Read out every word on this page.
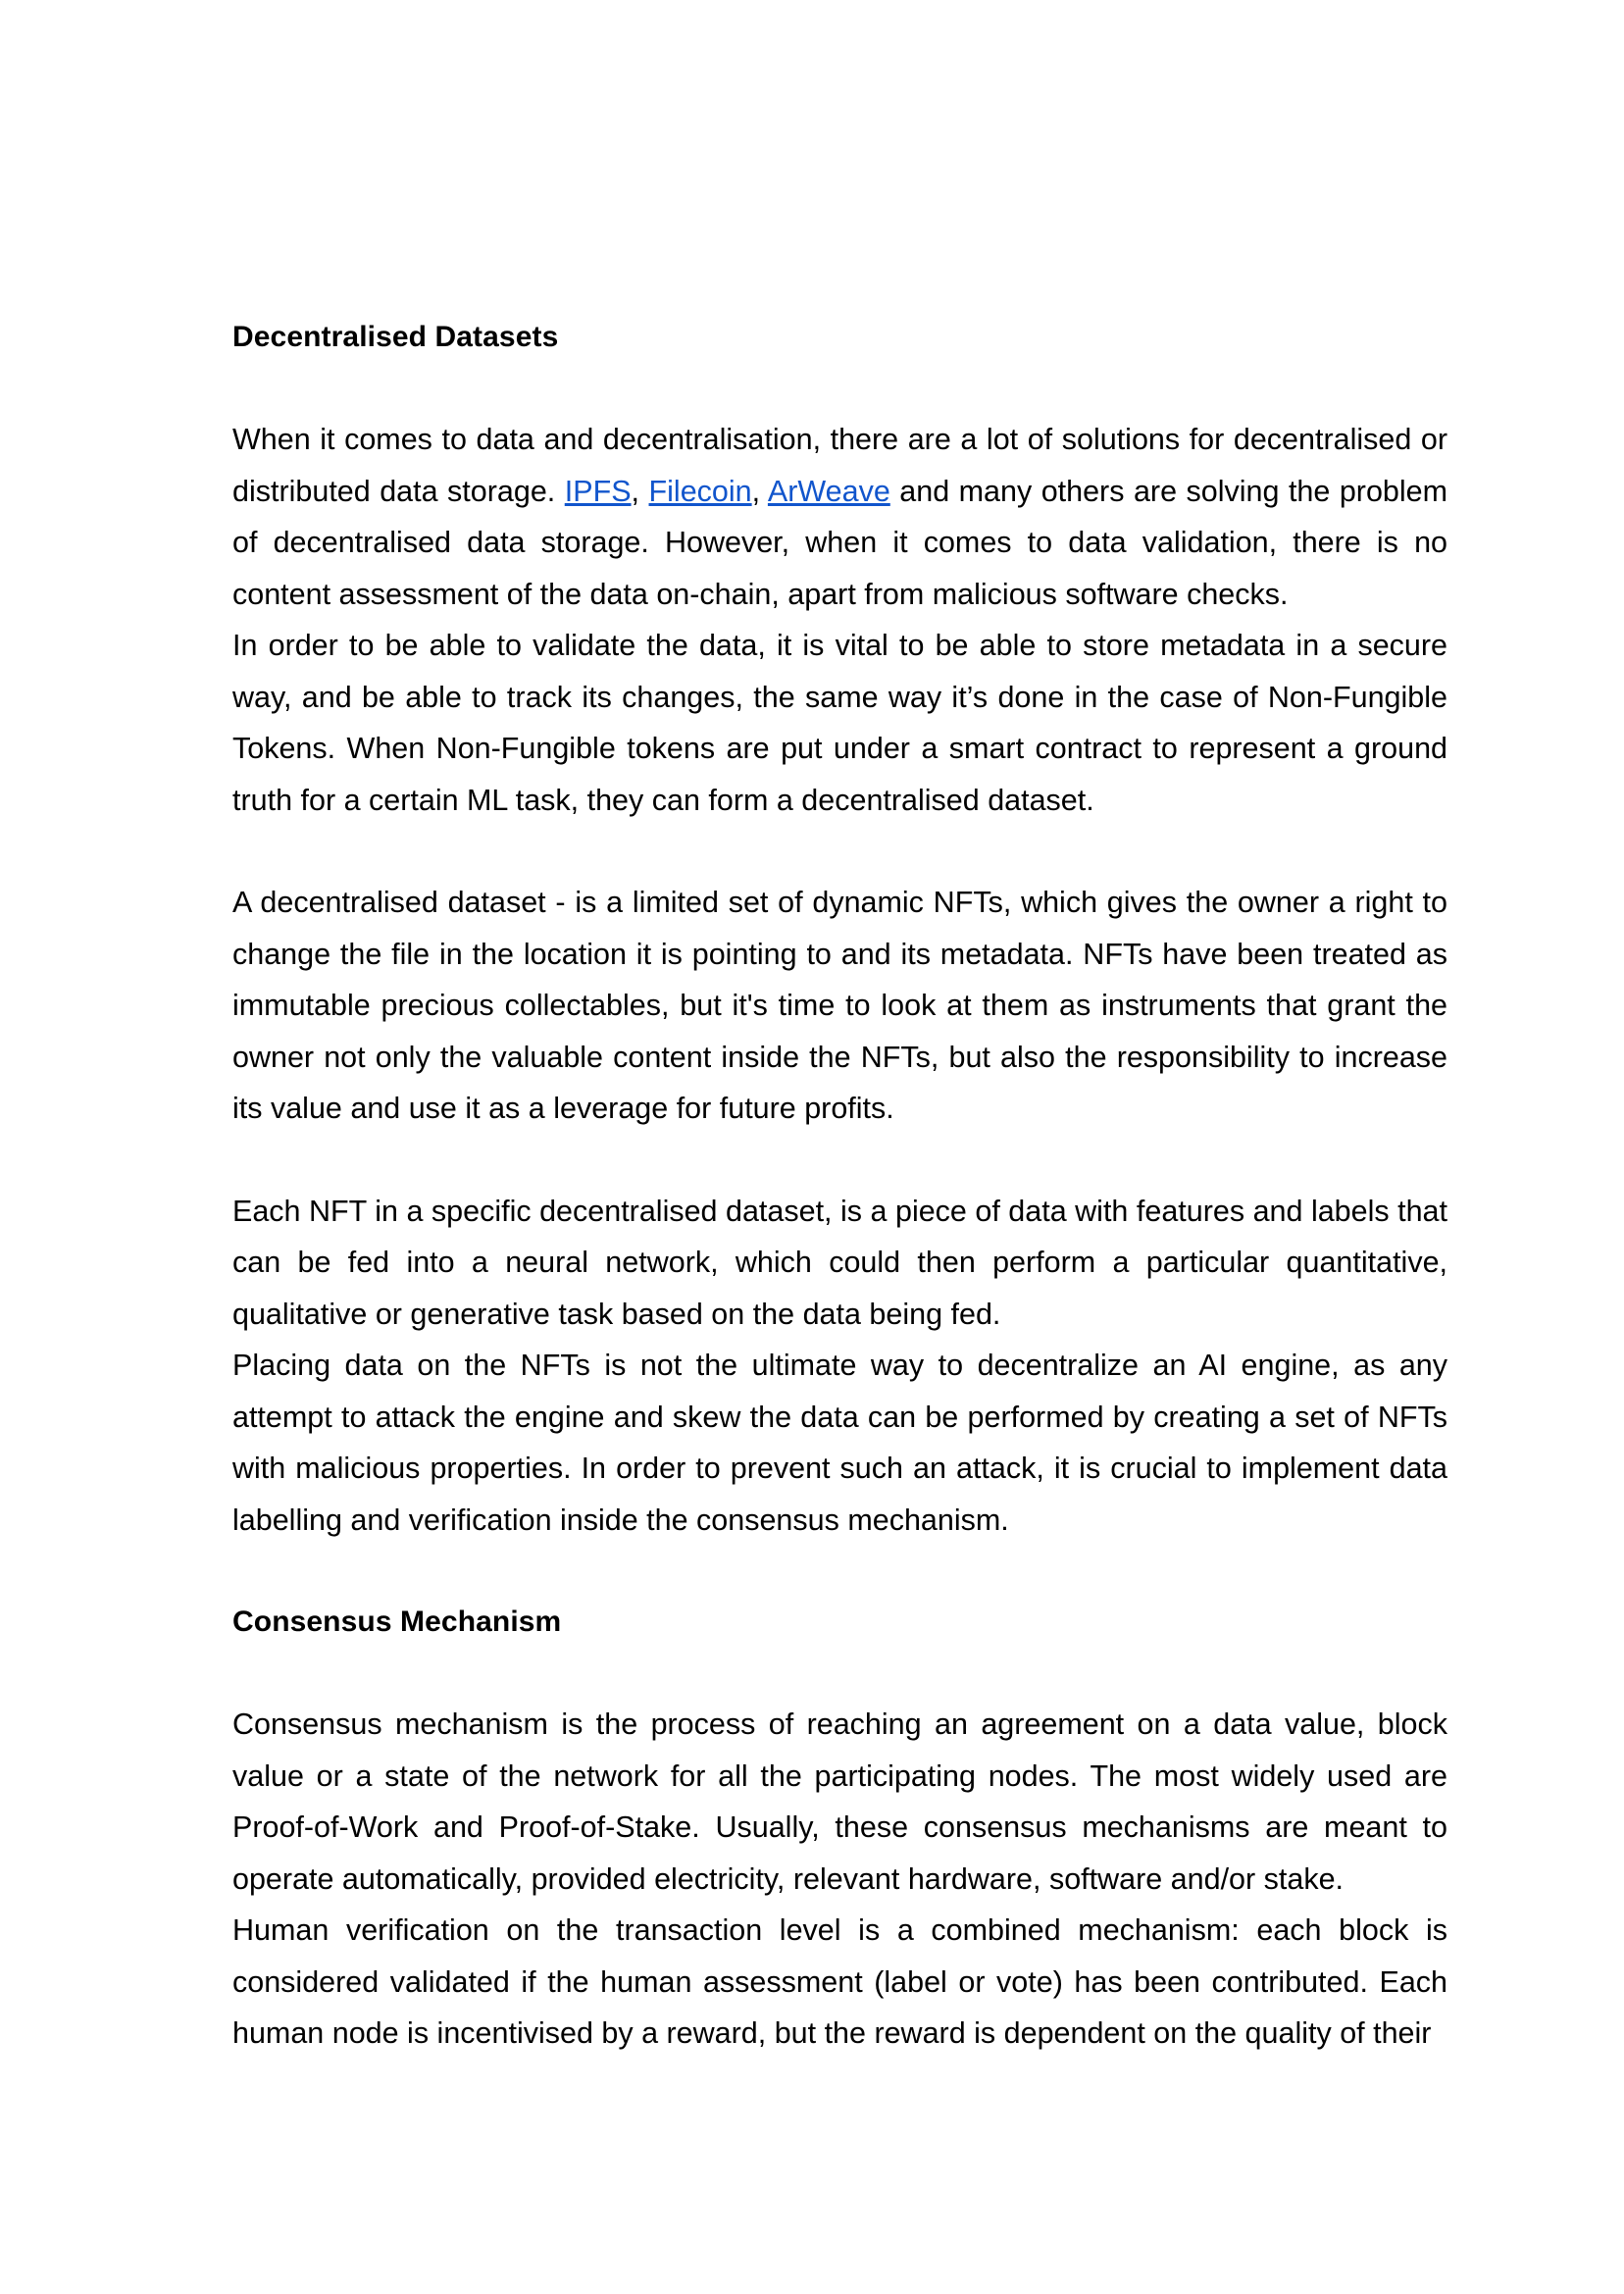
Decentralised Datasets

When it comes to data and decentralisation, there are a lot of solutions for decentralised or distributed data storage. IPFS, Filecoin, ArWeave and many others are solving the problem of decentralised data storage. However, when it comes to data validation, there is no content assessment of the data on-chain, apart from malicious software checks.

In order to be able to validate the data, it is vital to be able to store metadata in a secure way, and be able to track its changes, the same way it’s done in the case of Non-Fungible Tokens. When Non-Fungible tokens are put under a smart contract to represent a ground truth for a certain ML task, they can form a decentralised dataset.

A decentralised dataset - is a limited set of dynamic NFTs, which gives the owner a right to change the file in the location it is pointing to and its metadata. NFTs have been treated as immutable precious collectables, but it's time to look at them as instruments that grant the owner not only the valuable content inside the NFTs, but also the responsibility to increase its value and use it as a leverage for future profits.

Each NFT in a specific decentralised dataset, is a piece of data with features and labels that can be fed into a neural network, which could then perform a particular quantitative, qualitative or generative task based on the data being fed.

Placing data on the NFTs is not the ultimate way to decentralize an AI engine, as any attempt to attack the engine and skew the data can be performed by creating a set of NFTs with malicious properties. In order to prevent such an attack, it is crucial to implement data labelling and verification inside the consensus mechanism.

Consensus Mechanism

Consensus mechanism is the process of reaching an agreement on a data value, block value or a state of the network for all the participating nodes. The most widely used are Proof-of-Work and Proof-of-Stake. Usually, these consensus mechanisms are meant to operate automatically, provided electricity, relevant hardware, software and/or stake.

Human verification on the transaction level is a combined mechanism: each block is considered validated if the human assessment (label or vote) has been contributed. Each human node is incentivised by a reward, but the reward is dependent on the quality of their
